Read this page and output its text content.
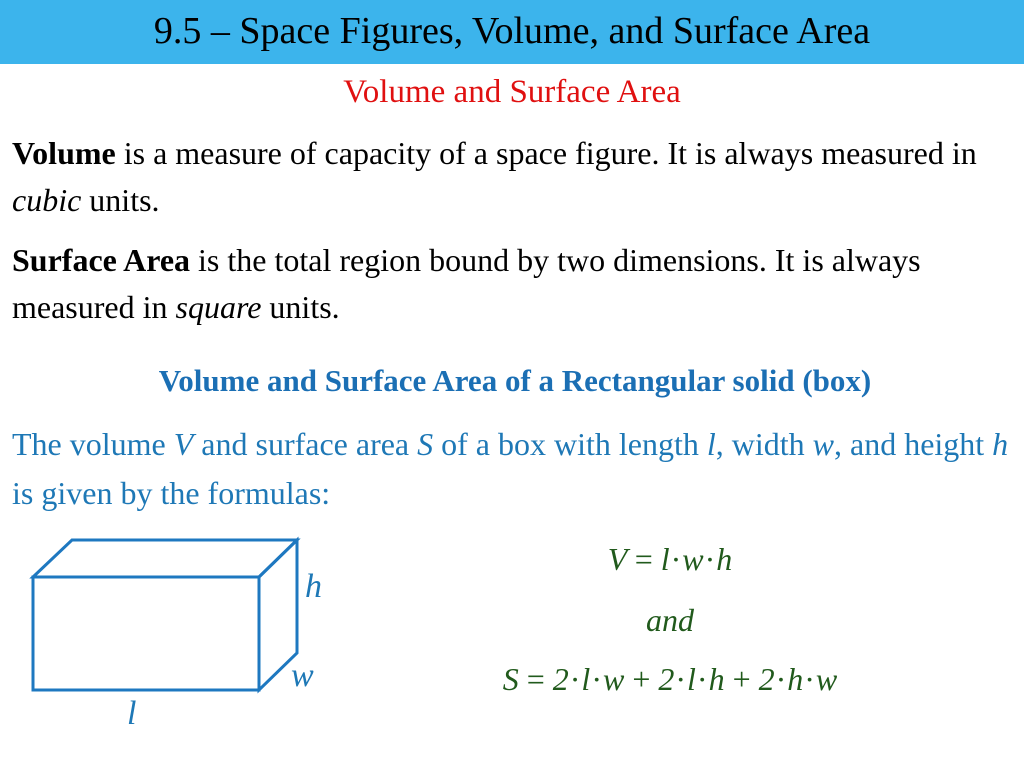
9.5 – Space Figures, Volume, and Surface Area
Volume and Surface Area
Volume is a measure of capacity of a space figure. It is always measured in cubic units.
Surface Area is the total region bound by two dimensions. It is always measured in square units.
Volume and Surface Area of a Rectangular solid (box)
The volume V and surface area S of a box with length l, width w, and height h is given by the formulas:
h
w
l
V = l·w·h
and
S = 2·l·w + 2·l·h + 2·h·w
